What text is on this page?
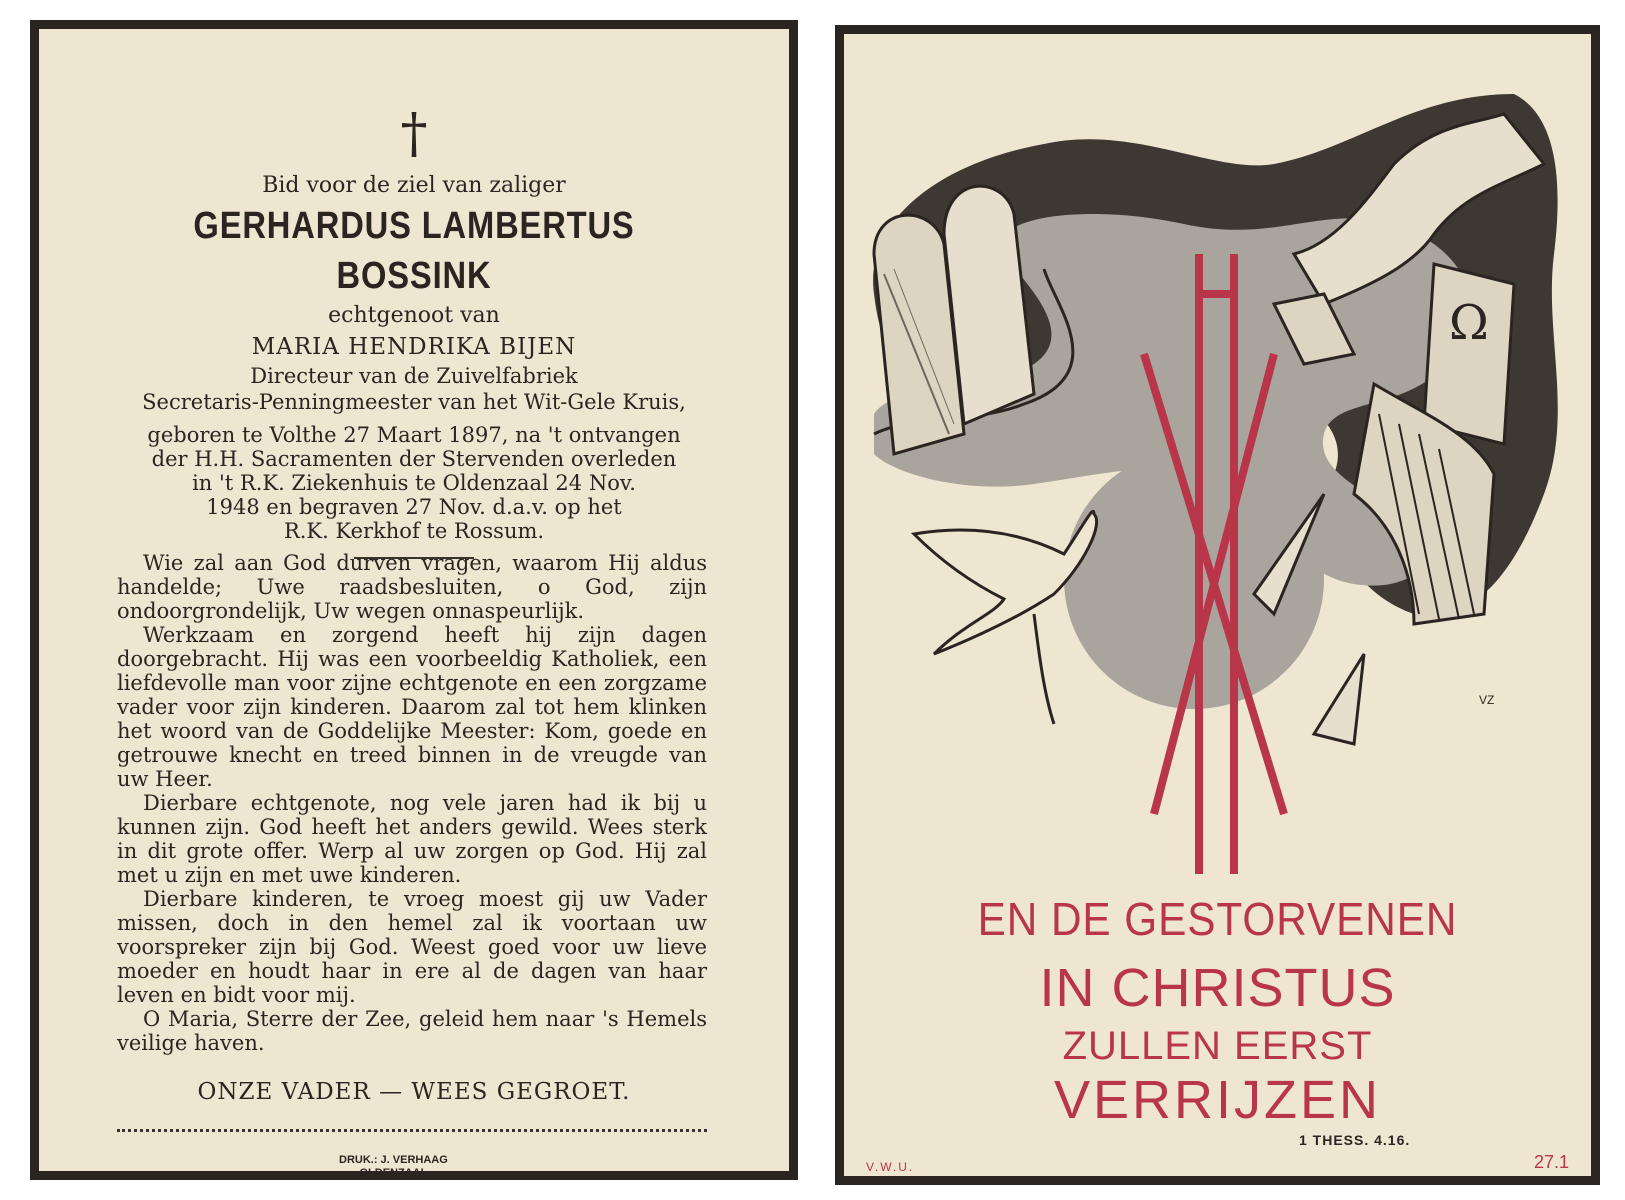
†
Bid voor de ziel van zaliger
GERHARDUS LAMBERTUS BOSSINK
echtgenoot van
MARIA HENDRIKA BIJEN
Directeur van de Zuivelfabriek
Secretaris-Penningmeester van het Wit-Gele Kruis,
geboren te Volthe 27 Maart 1897, na 't ontvangen
der H.H. Sacramenten der Stervenden overleden
in 't R.K. Ziekenhuis te Oldenzaal 24 Nov.
1948 en begraven 27 Nov. d.a.v. op het
R.K. Kerkhof te Rossum.

Wie zal aan God durven vragen, waarom Hij aldus handelde; Uwe raadsbesluiten, o God, zijn ondoorgrondelijk, Uw wegen onnaspeurlijk.

Werkzaam en zorgend heeft hij zijn dagen doorgebracht. Hij was een voorbeeldig Katholiek, een liefdevolle man voor zijne echtgenote en een zorgzame vader voor zijn kinderen. Daarom zal tot hem klinken het woord van de Goddelijke Meester: Kom, goede en getrouwe knecht en treed binnen in de vreugde van uw Heer.

Dierbare echtgenote, nog vele jaren had ik bij u kunnen zijn. God heeft het anders gewild. Wees sterk in dit grote offer. Werp al uw zorgen op God. Hij zal met u zijn en met uwe kinderen.

Dierbare kinderen, te vroeg moest gij uw Vader missen, doch in den hemel zal ik voortaan uw voorspreker zijn bij God. Weest goed voor uw lieve moeder en houdt haar in ere al de dagen van haar leven en bidt voor mij.

O Maria, Sterre der Zee, geleid hem naar 's Hemels veilige haven.

ONZE VADER — WEES GEGROET.
DRUK.: J. VERHAAG
OLDENZAAL
Ω
VZ
EN DE GESTORVENEN
IN CHRISTUS
ZULLEN EERST
VERRIJZEN
1 THESS. 4.16.
V.W.U.	27.1
